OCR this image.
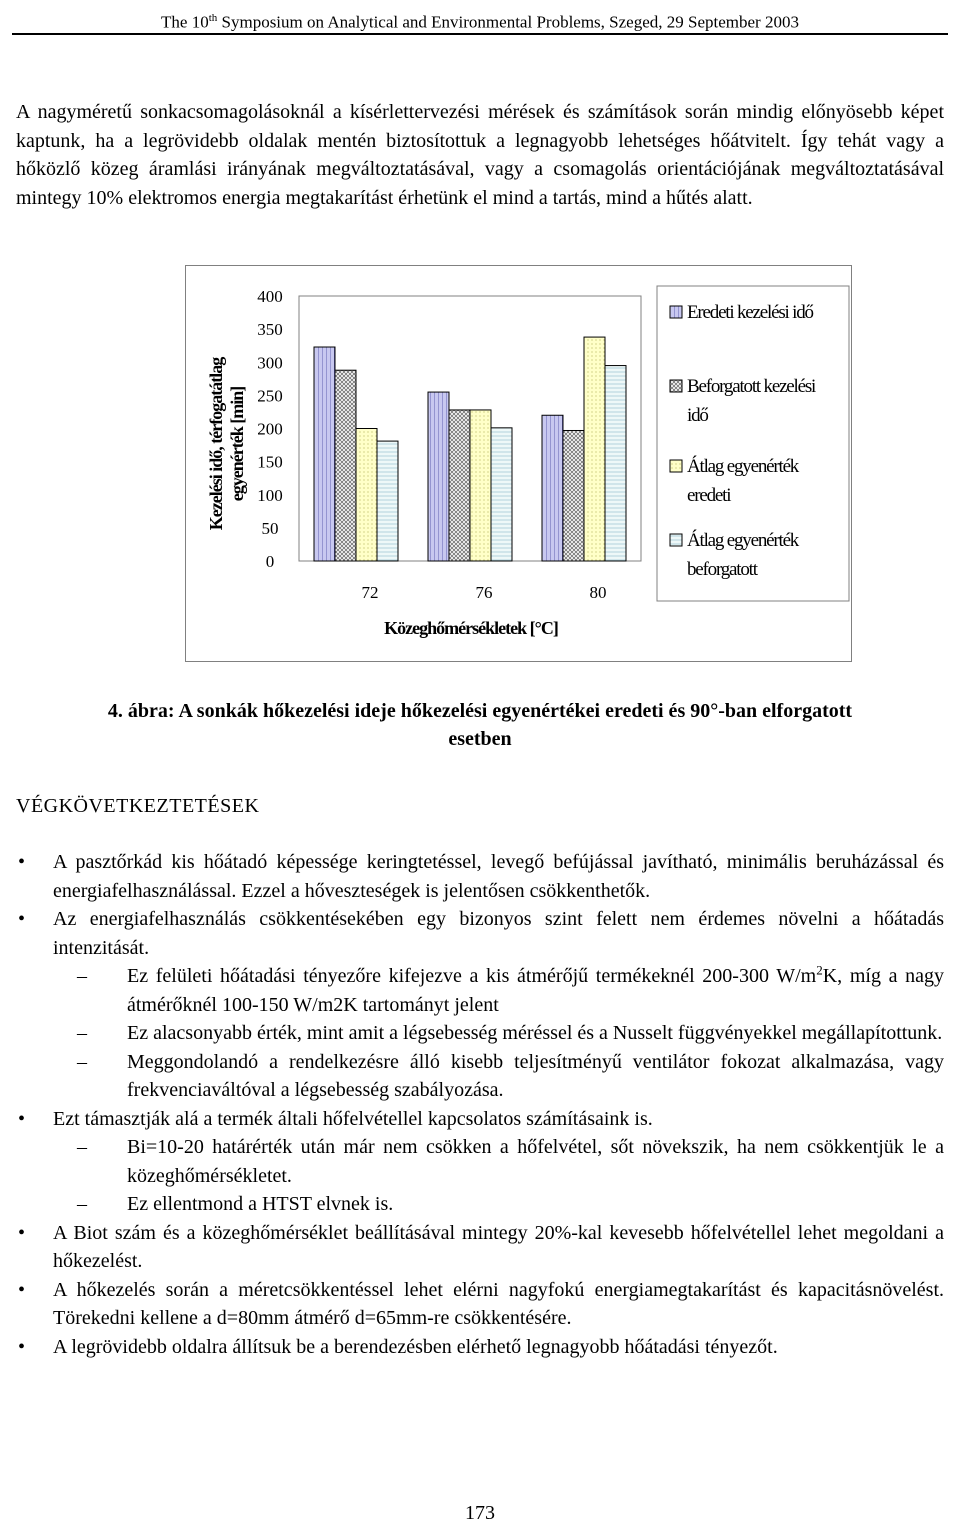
The 10th Symposium on Analytical and Environmental Problems, Szeged, 29 September 2003

A nagyméretű sonkacsomagolásoknál a kísérlettervezési mérések és számítások során mindig előnyösebb képet kaptunk, ha a legrövidebb oldalak mentén biztosítottuk a legnagyobb lehetséges hőátvitelt. Így tehát vagy a hőközlő közeg áramlási irányának megváltoztatásával, vagy a csomagolás orientációjának megváltoztatásával mintegy 10% elektromos energia megtakarítást érhetünk el mind a tartás, mind a hűtés alatt.

Kezelési idő, térfogatátlag egyenérték [min]
400
350
300
250
200
150
100
50
0
72	76	80
Közeghőmérsékletek [°C]
Eredeti kezelési idő
Beforgatott kezelési
idő
Átlag egyenérték
eredeti
Átlag egyenérték
beforgatott
4. ábra: A sonkák hőkezelési ideje hőkezelési egyenértékei eredeti és 90°-ban elforgatott
esetben
VÉGKÖVETKEZTETÉSEK
• A pasztőrkád kis hőátadó képessége keringtetéssel, levegő befújással javítható, minimális beruházással és energiafelhasználással. Ezzel a hőveszteségek is jelentősen csökkenthetők.
• Az energiafelhasználás csökkentésekében egy bizonyos szint felett nem érdemes növelni a hőátadás intenzitását.
– Ez felületi hőátadási tényezőre kifejezve a kis átmérőjű termékeknél 200-300 $W/m^2K$, míg a nagy átmérőknél 100-150 W/m2K tartományt jelent
– Ez alacsonyabb érték, mint amit a légsebesség méréssel és a Nusselt függvényekkel megállapítottunk.
– Meggondolandó a rendelkezésre álló kisebb teljesítményű ventilátor fokozat alkalmazása, vagy frekvenciaváltóval a légsebesség szabályozása.
• Ezt támasztják alá a termék általi hőfelvétellel kapcsolatos számításaink is.
– Bi=10-20 határérték után már nem csökken a hőfelvétel, sőt növekszik, ha nem csökkentjük le a közeghőmérsékletet.
– Ez ellentmond a HTST elvnek is.
• A Biot szám és a közeghőmérséklet beállításával mintegy 20%-kal kevesebb hőfelvétellel lehet megoldani a hőkezelést.
• A hőkezelés során a méretcsökkentéssel lehet elérni nagyfokú energiamegtakarítást és kapacitásnövelést. Törekedni kellene a d=80mm átmérő d=65mm-re csökkentésére.
• A legrövidebb oldalra állítsuk be a berendezésben elérhető legnagyobb hőátadási tényezőt.
173
